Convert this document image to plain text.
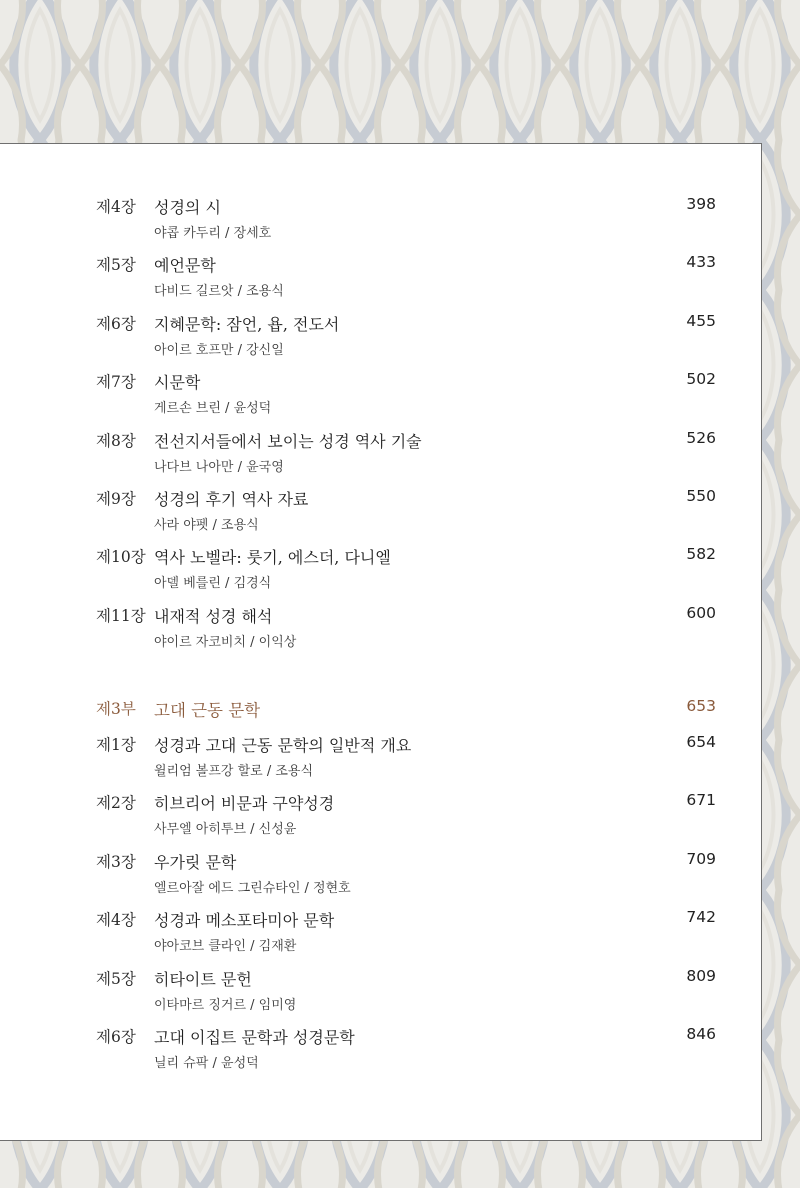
제4장 성경의 시
야콥 카두리 / 장세호
398
제5장 예언문학
다비드 길르앗 / 조용식
433
제6장 지혜문학: 잠언, 욥, 전도서
아이르 호프만 / 강신일
455
제7장 시문학
게르손 브린 / 윤성덕
502
제8장 전선지서들에서 보이는 성경 역사 기술
나다브 나아만 / 윤국영
526
제9장 성경의 후기 역사 자료
사라 야펫 / 조용식
550
제10장 역사 노벨라: 룻기, 에스더, 다니엘
아델 베를린 / 김경식
582
제11장 내재적 성경 해석
야이르 자코비치 / 이익상
600
제3부 고대 근동 문학	653
제1장 성경과 고대 근동 문학의 일반적 개요
윌리엄 볼프강 할로 / 조용식
654
제2장 히브리어 비문과 구약성경
사무엘 아히투브 / 신성윤
671
제3장 우가릿 문학
엘르아잘 에드 그린슈타인 / 정현호
709
제4장 성경과 메소포타미아 문학
야아코브 클라인 / 김재환
742
제5장 히타이트 문헌
이타마르 징거르 / 임미영
809
제6장 고대 이집트 문학과 성경문학
닐리 슈팍 / 윤성덕
846
